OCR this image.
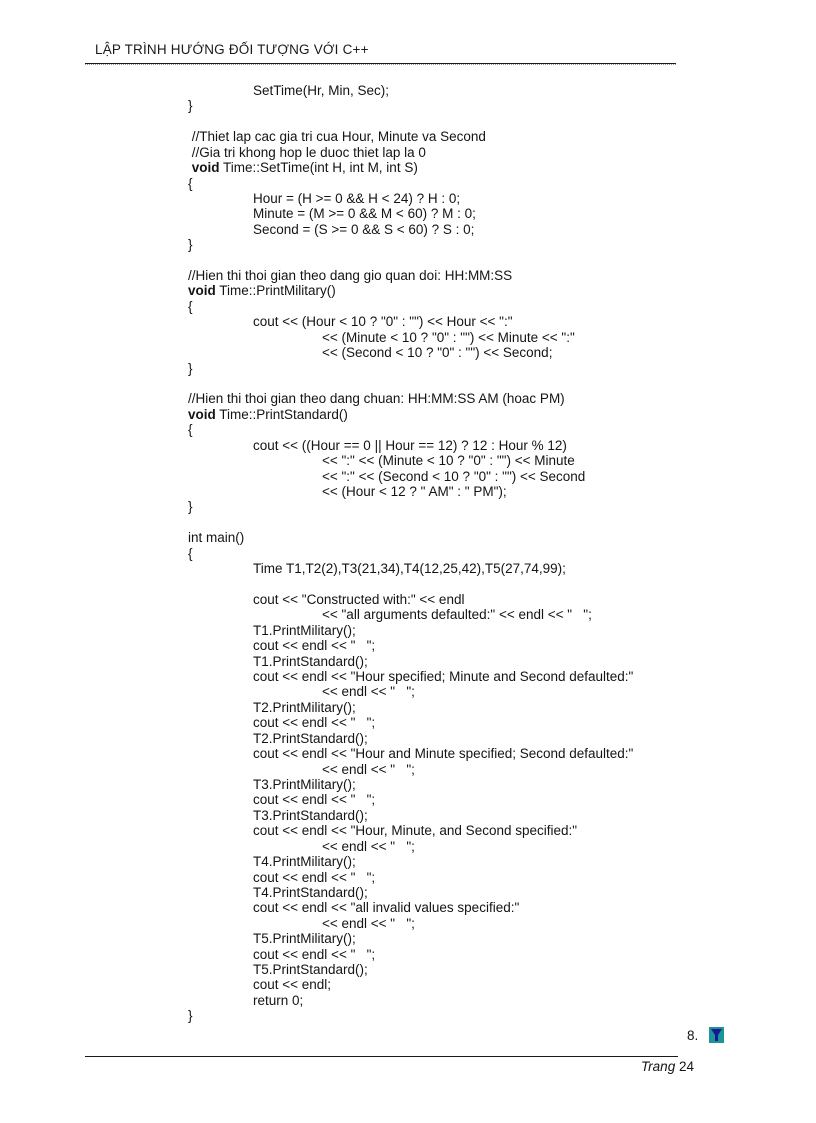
LẬP TRÌNH HƯỚNG ĐỐI TƯỢNG VỚI C++
SetTime(Hr, Min, Sec);
}

//Thiet lap cac gia tri cua Hour, Minute va Second
//Gia tri khong hop le duoc thiet lap la 0
void Time::SetTime(int H, int M, int S)
{
Hour = (H >= 0 && H < 24) ? H : 0;
Minute = (M >= 0 && M < 60) ? M : 0;
Second = (S >= 0 && S < 60) ? S : 0;
}

//Hien thi thoi gian theo dang gio quan doi: HH:MM:SS
void Time::PrintMilitary()
{
cout << (Hour < 10 ? "0" : "") << Hour << ":"
<< (Minute < 10 ? "0" : "") << Minute << ":"
<< (Second < 10 ? "0" : "") << Second;
}

//Hien thi thoi gian theo dang chuan: HH:MM:SS AM (hoac PM)
void Time::PrintStandard()
{
cout << ((Hour == 0 || Hour == 12) ? 12 : Hour % 12)
<< ":" << (Minute < 10 ? "0" : "") << Minute
<< ":" << (Second < 10 ? "0" : "") << Second
<< (Hour < 12 ? " AM" : " PM");
}

int main()
{
Time T1,T2(2),T3(21,34),T4(12,25,42),T5(27,74,99);

cout << "Constructed with:" << endl
<< "all arguments defaulted:" << endl << "   ";
T1.PrintMilitary();
cout << endl << "   ";
T1.PrintStandard();
cout << endl << "Hour specified; Minute and Second defaulted:"
<< endl << "   ";
T2.PrintMilitary();
cout << endl << "   ";
T2.PrintStandard();
cout << endl << "Hour and Minute specified; Second defaulted:"
<< endl << "   ";
T3.PrintMilitary();
cout << endl << "   ";
T3.PrintStandard();
cout << endl << "Hour, Minute, and Second specified:"
<< endl << "   ";
T4.PrintMilitary();
cout << endl << "   ";
T4.PrintStandard();
cout << endl << "all invalid values specified:"
<< endl << "   ";
T5.PrintMilitary();
cout << endl << "   ";
T5.PrintStandard();
cout << endl;
return 0;
}
8.
Trang 24
